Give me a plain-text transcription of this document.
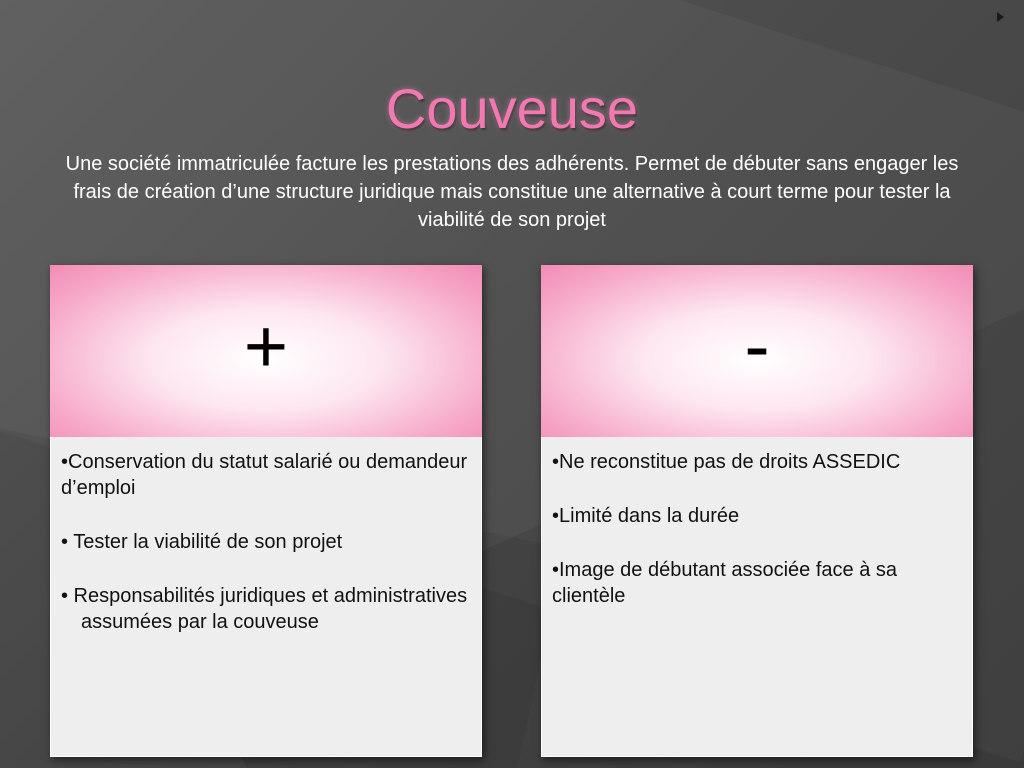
Couveuse

Une société immatriculée facture les prestations des adhérents. Permet de débuter sans engager les frais de création d’une structure juridique mais constitue une alternative à court terme pour tester la viabilité de son projet

+

•Conservation du statut salarié ou demandeur d’emploi

• Tester la viabilité de son projet

• Responsabilités juridiques et administratives assumées par la couveuse

-

•Ne reconstitue pas de droits ASSEDIC

•Limité dans la durée

•Image de débutant associée face à sa clientèle
